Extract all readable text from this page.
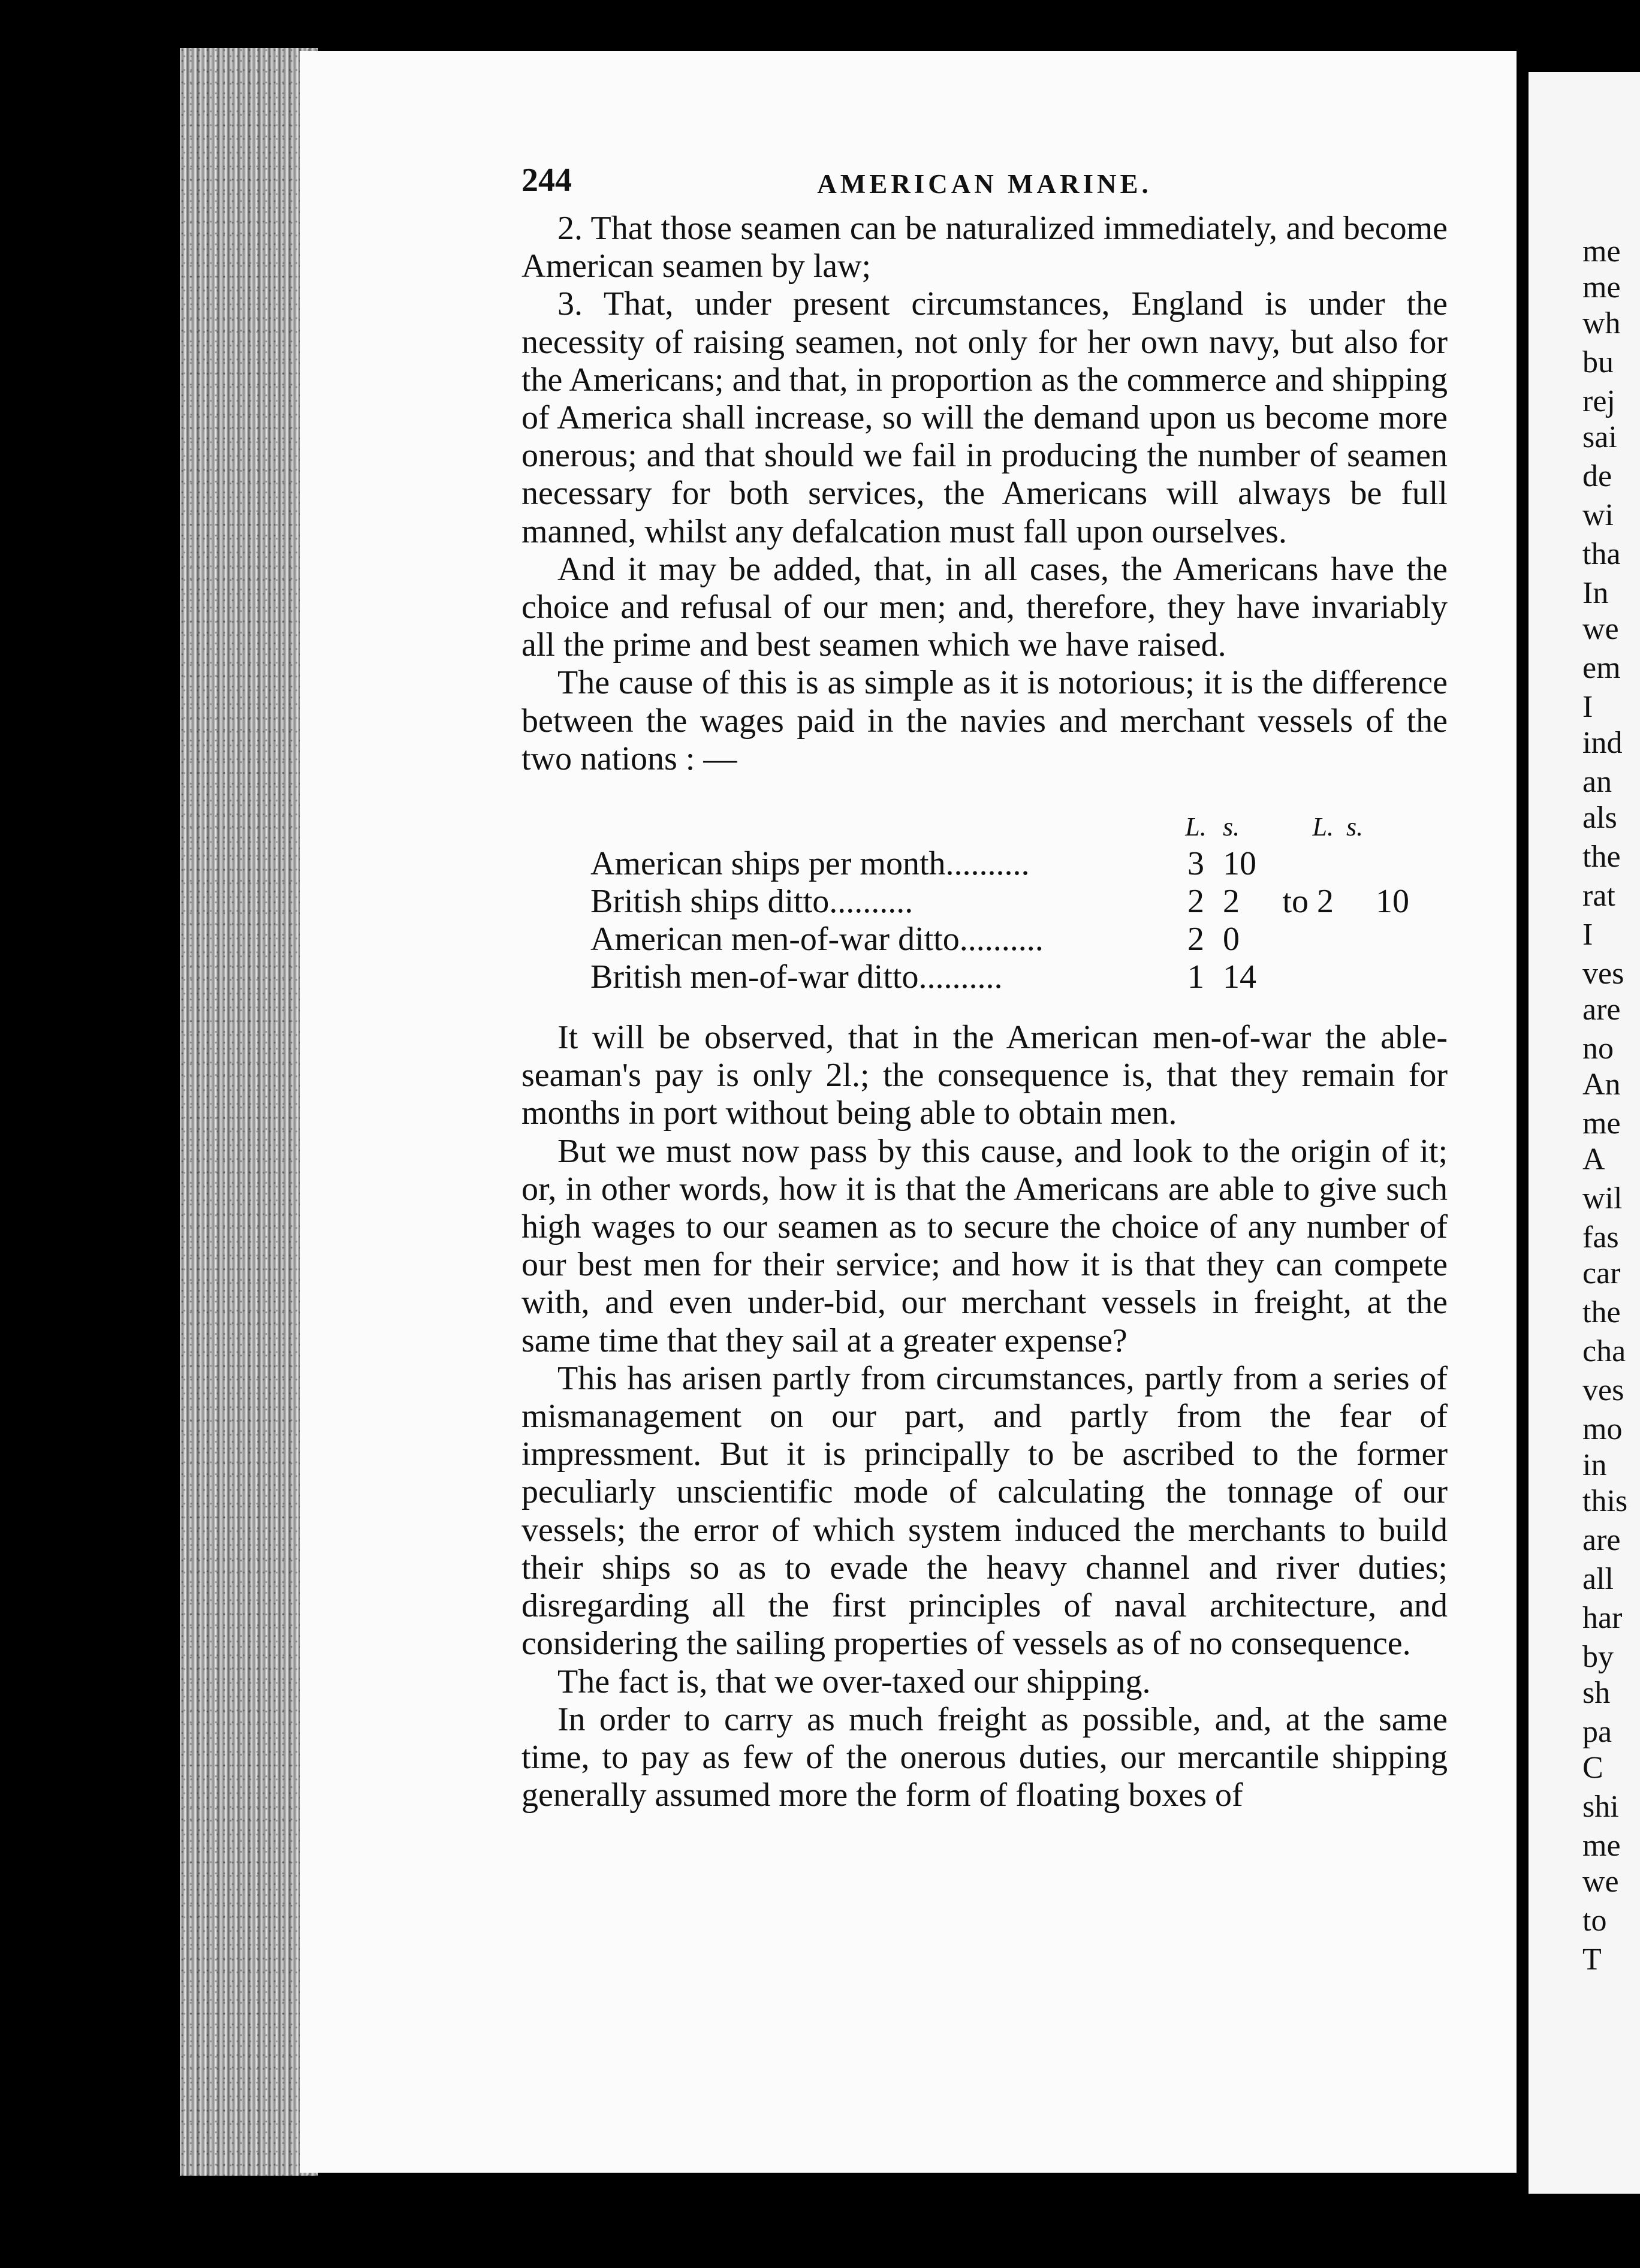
244	AMERICAN MARINE.

2. That those seamen can be naturalized immediately, and become American seamen by law;

3. That, under present circumstances, England is under the necessity of raising seamen, not only for her own navy, but also for the Americans; and that, in proportion as the commerce and shipping of America shall increase, so will the demand upon us become more onerous; and that should we fail in producing the number of seamen necessary for both services, the Americans will always be full manned, whilst any defalcation must fall upon ourselves.

And it may be added, that, in all cases, the Americans have the choice and refusal of our men; and, therefore, they have invariably all the prime and best seamen which we have raised.

The cause of this is as simple as it is notorious; it is the difference between the wages paid in the navies and merchant vessels of the two nations : —

	L.	s.	L.	s.	
American ships per month..........	3	10			
British ships ditto..........	2	2	to 2		10
American men-of-war ditto..........	2	0			
British men-of-war ditto..........	1	14			

It will be observed, that in the American men-of-war the able-seaman's pay is only 2l.; the consequence is, that they remain for months in port without being able to obtain men.

But we must now pass by this cause, and look to the origin of it; or, in other words, how it is that the Americans are able to give such high wages to our seamen as to secure the choice of any number of our best men for their service; and how it is that they can compete with, and even under-bid, our merchant vessels in freight, at the same time that they sail at a greater expense?

This has arisen partly from circumstances, partly from a series of mismanagement on our part, and partly from the fear of impressment. But it is principally to be ascribed to the former peculiarly unscientific mode of calculating the tonnage of our vessels; the error of which system induced the merchants to build their ships so as to evade the heavy channel and river duties; disregarding all the first principles of naval architecture, and considering the sailing properties of vessels as of no consequence.

The fact is, that we over-taxed our shipping.

In order to carry as much freight as possible, and, at the same time, to pay as few of the onerous duties, our mercantile shipping generally assumed more the form of floating boxes of

me
me
wh
bu
rej
sai
de
wi
tha
In
we
em
I
ind
an
als
the
rat
I
ves
are
no
An
me
A
wil
fas
car
the
cha
ves
mo
in
this
are
all
har
by
sh
pa
C
shi
me
we
to
T
